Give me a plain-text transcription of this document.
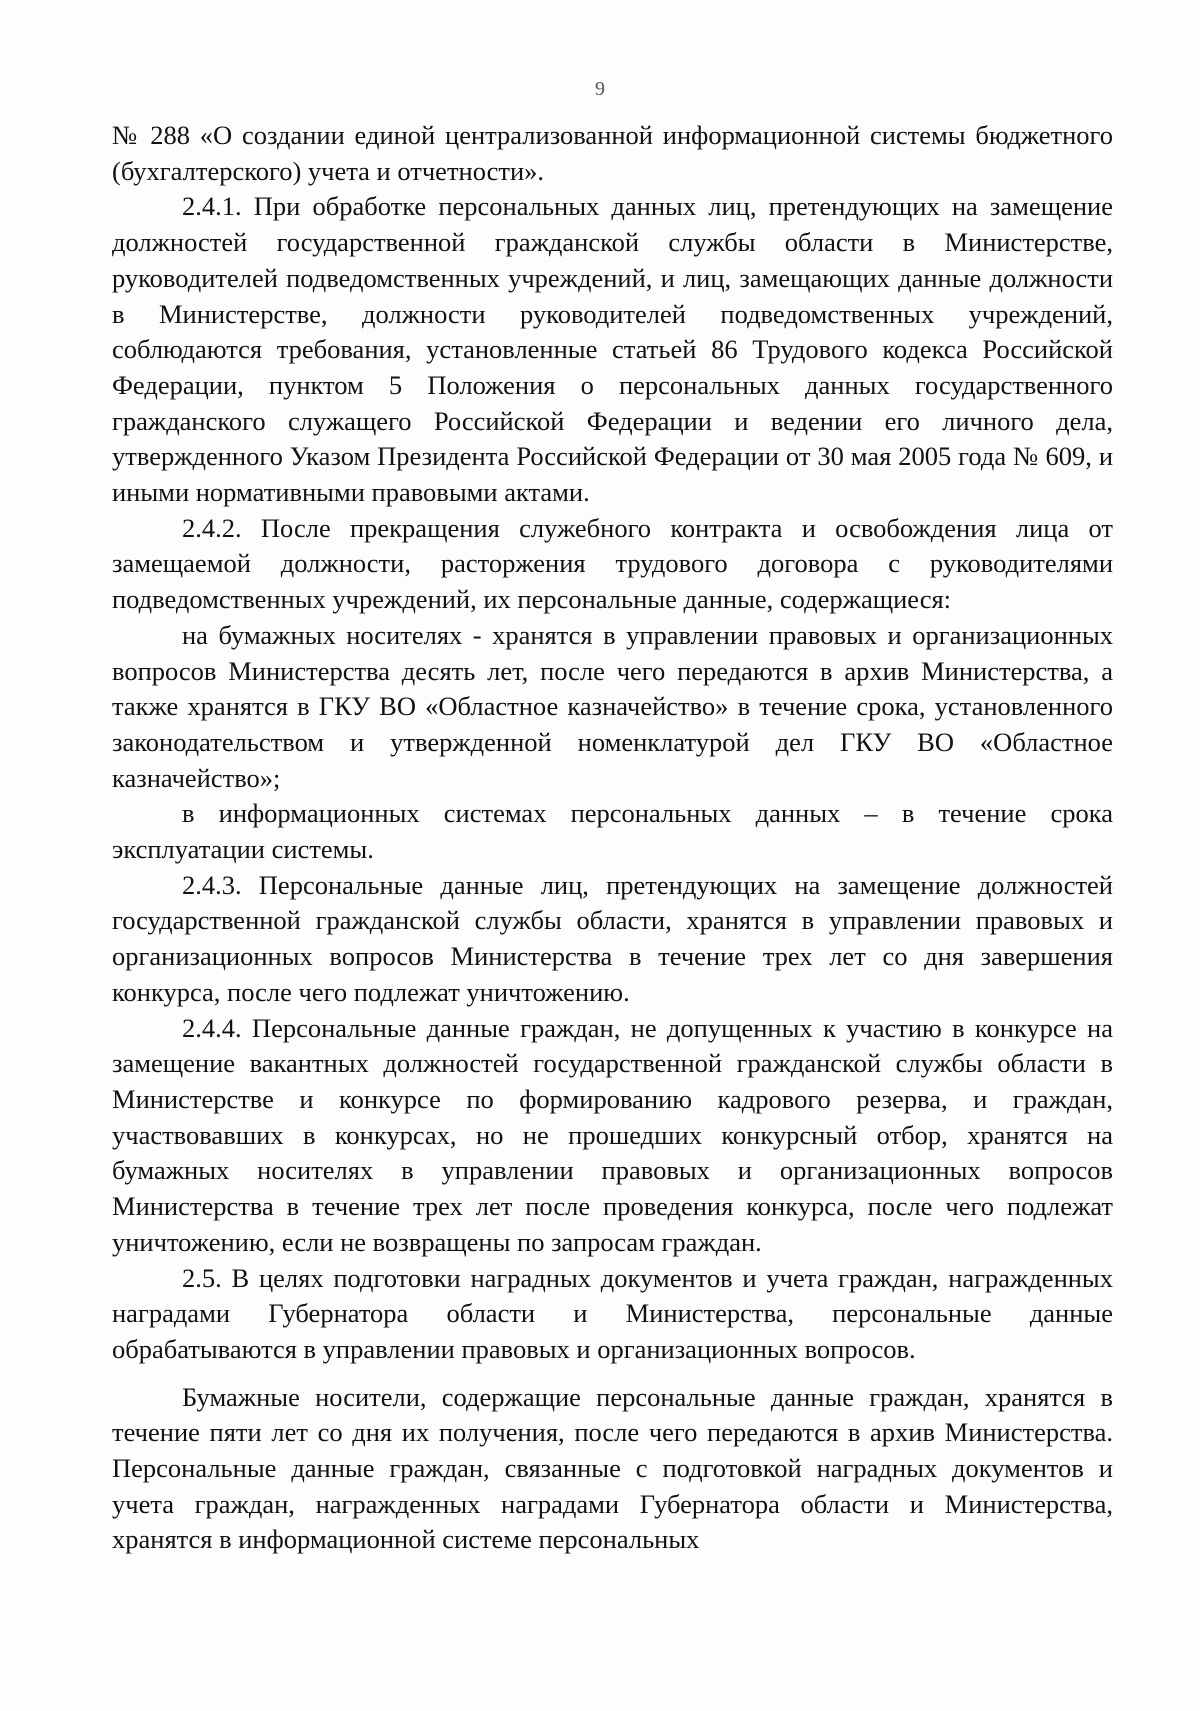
9

№ 288 «О создании единой централизованной информационной системы бюджетного (бухгалтерского) учета и отчетности».

2.4.1. При обработке персональных данных лиц, претендующих на замещение должностей государственной гражданской службы области в Министерстве, руководителей подведомственных учреждений, и лиц, замещающих данные должности в Министерстве, должности руководителей подведомственных учреждений, соблюдаются требования, установленные статьей 86 Трудового кодекса Российской Федерации, пунктом 5 Положения о персональных данных государственного гражданского служащего Российской Федерации и ведении его личного дела, утвержденного Указом Президента Российской Федерации от 30 мая 2005 года № 609, и иными нормативными правовыми актами.

2.4.2. После прекращения служебного контракта и освобождения лица от замещаемой должности, расторжения трудового договора с руководителями подведомственных учреждений, их персональные данные, содержащиеся:

на бумажных носителях - хранятся в управлении правовых и организационных вопросов Министерства десять лет, после чего передаются в архив Министерства, а также хранятся в ГКУ ВО «Областное казначейство» в течение срока, установленного законодательством и утвержденной номенклатурой дел ГКУ ВО «Областное казначейство»;

в информационных системах персональных данных – в течение срока эксплуатации системы.

2.4.3. Персональные данные лиц, претендующих на замещение должностей государственной гражданской службы области, хранятся в управлении правовых и организационных вопросов Министерства в течение трех лет со дня завершения конкурса, после чего подлежат уничтожению.

2.4.4. Персональные данные граждан, не допущенных к участию в конкурсе на замещение вакантных должностей государственной гражданской службы области в Министерстве и конкурсе по формированию кадрового резерва, и граждан, участвовавших в конкурсах, но не прошедших конкурсный отбор, хранятся на бумажных носителях в управлении правовых и организационных вопросов Министерства в течение трех лет после проведения конкурса, после чего подлежат уничтожению, если не возвращены по запросам граждан.

2.5. В целях подготовки наградных документов и учета граждан, награжденных наградами Губернатора области и Министерства, персональные данные обрабатываются в управлении правовых и организационных вопросов.

Бумажные носители, содержащие персональные данные граждан, хранятся в течение пяти лет со дня их получения, после чего передаются в архив Министерства. Персональные данные граждан, связанные с подготовкой наградных документов и учета граждан, награжденных наградами Губернатора области и Министерства, хранятся в информационной системе персональных
